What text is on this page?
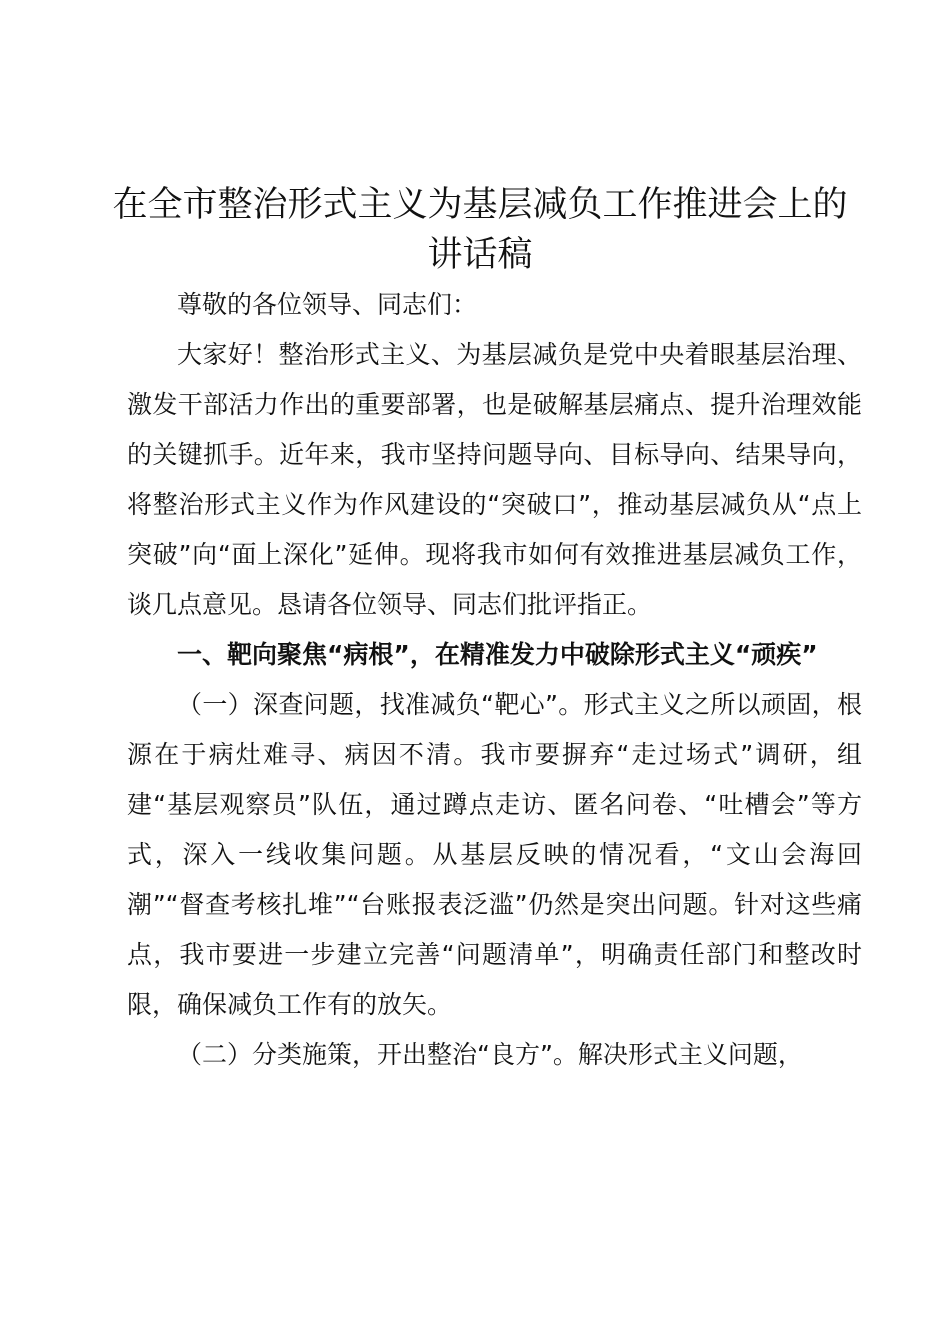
在全市整治形式主义为基层减负工作推进会上的讲话稿

尊敬的各位领导、同志们：

大家好！整治形式主义、为基层减负是党中央着眼基层治理、激发干部活力作出的重要部署，也是破解基层痛点、提升治理效能的关键抓手。近年来，我市坚持问题导向、目标导向、结果导向，将整治形式主义作为作风建设的“突破口”，推动基层减负从“点上突破”向“面上深化”延伸。现将我市如何有效推进基层减负工作，谈几点意见。恳请各位领导、同志们批评指正。

一、靶向聚焦“病根”，在精准发力中破除形式主义“顽疾”

（一）深查问题，找准减负“靶心”。形式主义之所以顽固，根源在于病灶难寻、病因不清。我市要摒弃“走过场式”调研，组建“基层观察员”队伍，通过蹲点走访、匿名问卷、“吐槽会”等方式，深入一线收集问题。从基层反映的情况看，“文山会海回潮”“督查考核扎堆”“台账报表泛滥”仍然是突出问题。针对这些痛点，我市要进一步建立完善“问题清单”，明确责任部门和整改时限，确保减负工作有的放矢。

（二）分类施策，开出整治“良方”。解决形式主义问题，
